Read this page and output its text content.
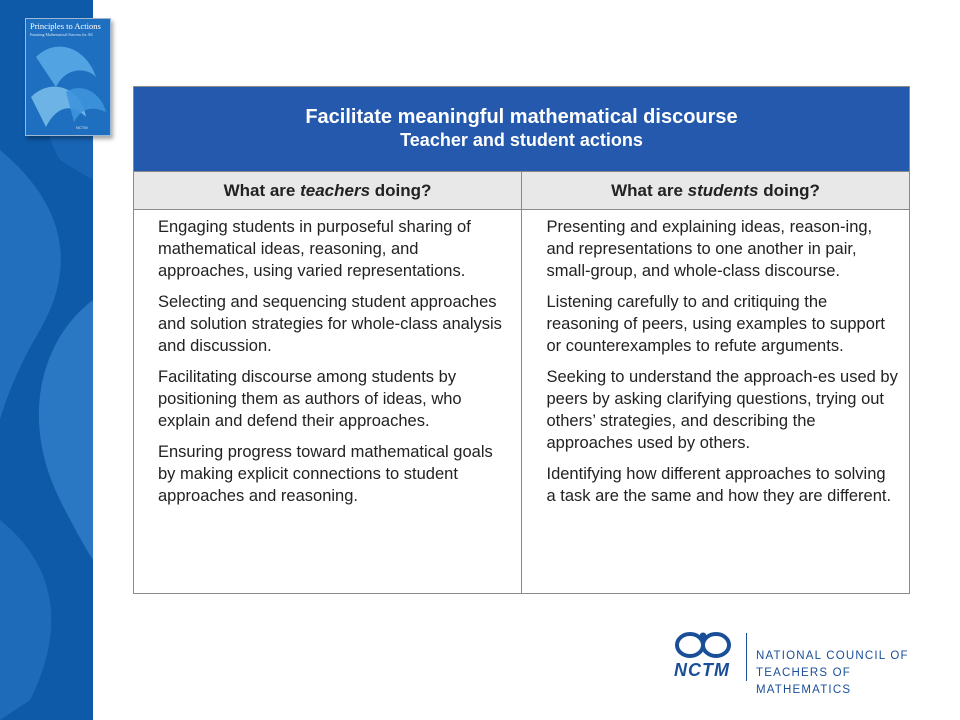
Principles to Actions
Ensuring Mathematical Success for All
NCTM	Facilitate meaningful mathematical discourse
Teacher and student actions
What are
teachers
doing?	What are
students
doing?

Engaging students in purposeful sharing of mathematical ideas, reasoning, and approaches, using varied representations.

Selecting and sequencing student approaches and solution strategies for whole-class analysis and discussion.

Facilitating discourse among students by positioning them as authors of ideas, who explain and defend their approaches.

Ensuring progress toward mathematical goals by making explicit connections to student approaches and reasoning.

Presenting and explaining ideas, reason-ing, and representations to one another in pair, small-group, and whole-class discourse.

Listening carefully to and critiquing the reasoning of peers, using examples to support or counterexamples to refute arguments.

Seeking to understand the approach-es used by peers by asking clarifying questions, trying out others’ strategies, and describing the approaches used by others.

Identifying how different approaches to solving a task are the same and how they are different.

NCTM
NATIONAL COUNCIL OF
TEACHERS OF MATHEMATICS
